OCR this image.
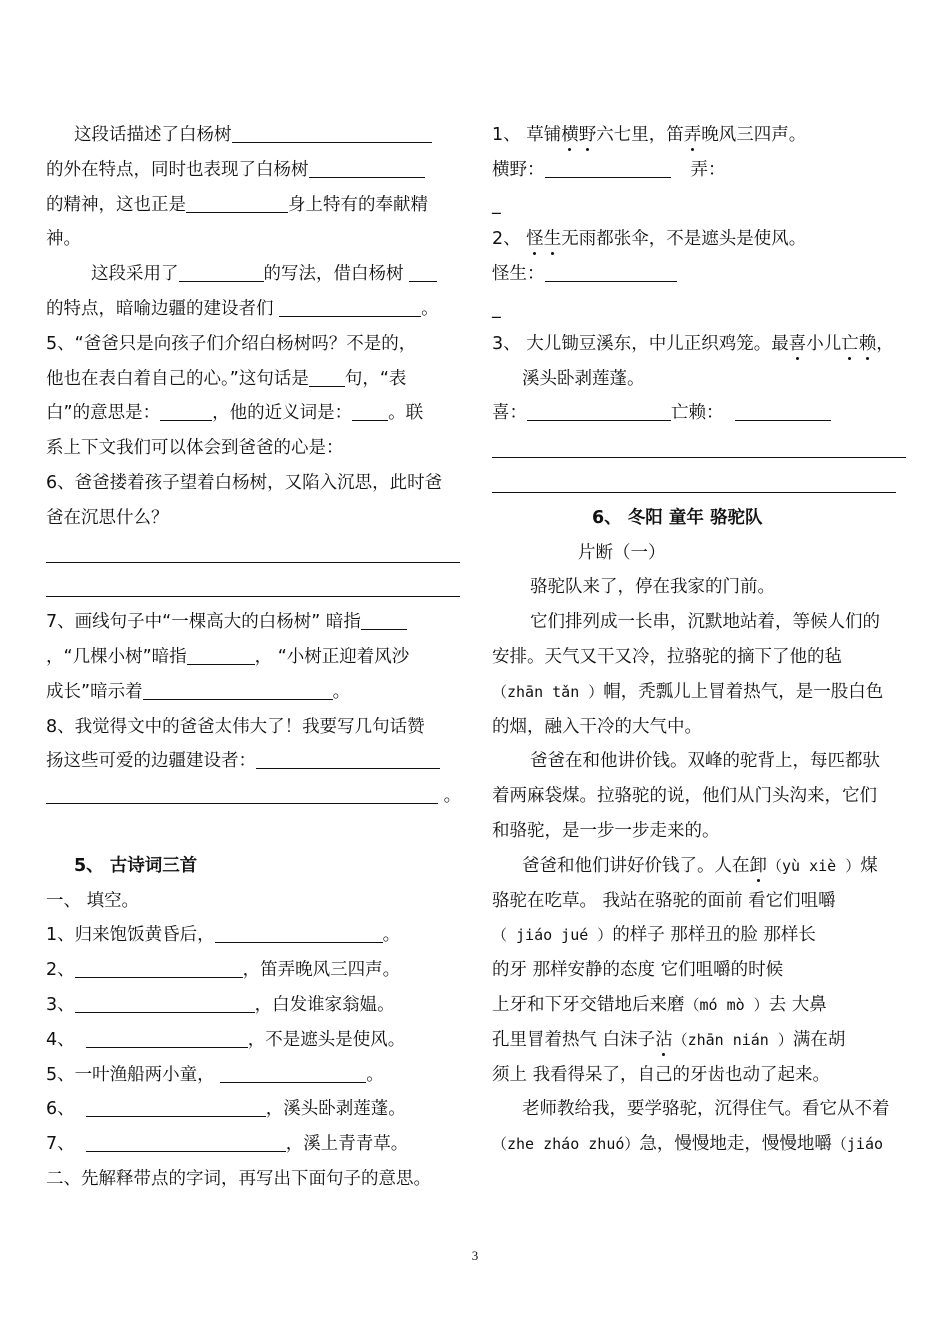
这段话描述了白杨树
的外在特点，同时也表现了白杨树
的精神，这也正是	身上特有的奉献精
神。
这段采用了	的写法，借白杨树
的特点，暗喻边疆的建设者们	。
5、“爸爸只是向孩子们介绍白杨树吗？不是的，
他也在表白着自己的心。”这句话是 句，“表
白”的意思是：	，他的近义词是： 。联
系上下文我们可以体会到爸爸的心是：
6、爸爸搂着孩子望着白杨树，又陷入沉思，此时爸
爸在沉思什么？
7、画线句子中“一棵高大的白杨树” 暗指
，“几棵小树”暗指	， “小树正迎着风沙
成长”暗示着	。
8、我觉得文中的爸爸太伟大了！我要写几句话赞
扬这些可爱的边疆建设者：
。
5、 古诗词三首
一、 填空。
1、归来饱饭黄昏后，	。
2、	，笛弄晚风三四声。
3、	，白发谁家翁媪。
4、	，不是遮头是使风。
5、一叶渔船两小童，	。
6、	，溪头卧剥莲蓬。
7、	，溪上青青草。
二、先解释带点的字词，再写出下面句子的意思。
1、 草铺横野六七里，笛弄晚风三四声。
横野：	弄：
_
2、 怪生无雨都张伞，不是遮头是使风。
怪生：
_
3、 大儿锄豆溪东，中儿正织鸡笼。最喜小儿亡赖，
溪头卧剥莲蓬。
喜：	亡赖：
6、 冬阳 童年 骆驼队
片断（一）
骆驼队来了，停在我家的门前。
它们排列成一长串，沉默地站着，等候人们的
安排。天气又干又冷，拉骆驼的摘下了他的毡
（zhān tǎn ）帽，秃瓢儿上冒着热气，是一股白色
的烟，融入干冷的大气中。
爸爸在和他讲价钱。双峰的驼背上，每匹都驮
着两麻袋煤。拉骆驼的说，他们从门头沟来，它们
和骆驼，是一步一步走来的。
爸爸和他们讲好价钱了。人在卸（yù xiè ）煤
骆驼在吃草。 我站在骆驼的面前 看它们咀嚼
（ jiáo jué ）的样子 那样丑的脸 那样长
的牙 那样安静的态度 它们咀嚼的时候
上牙和下牙交错地后来磨（mó mò ）去 大鼻
孔里冒着热气 白沫子沾（zhān nián ）满在胡
须上 我看得呆了，自己的牙齿也动了起来。
老师教给我，要学骆驼，沉得住气。看它从不着
（zhe zháo zhuó）急，慢慢地走，慢慢地嚼（jiáo
3
